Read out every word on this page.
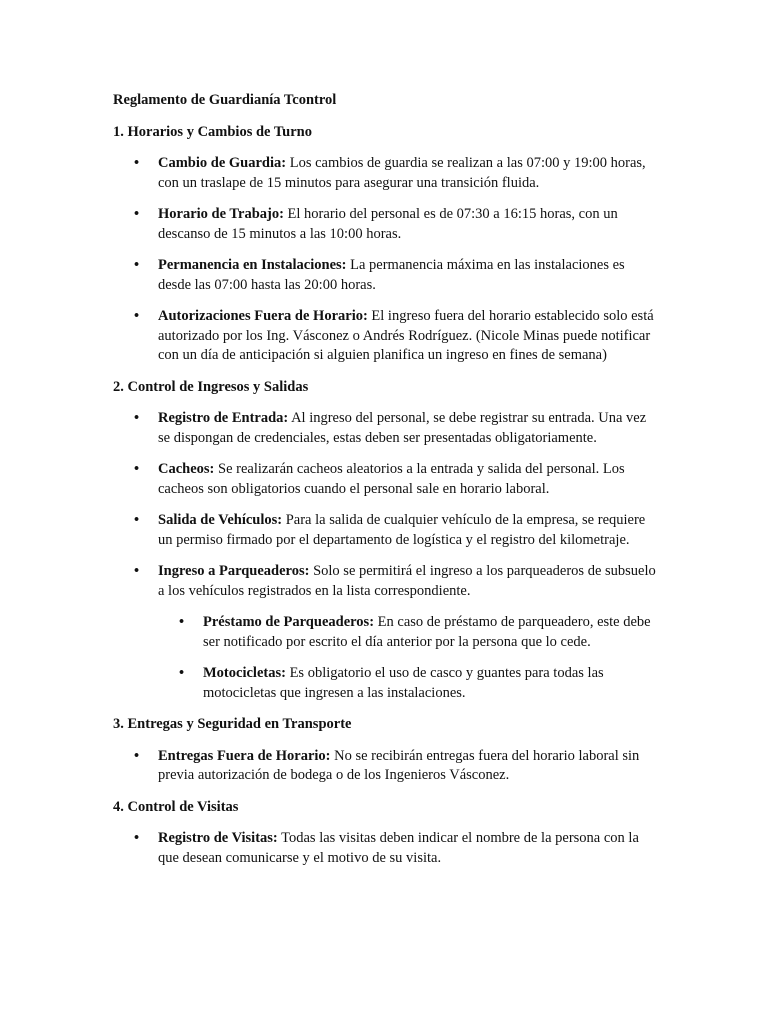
Reglamento de Guardianía Tcontrol

1. Horarios y Cambios de Turno

• Cambio de Guardia: Los cambios de guardia se realizan a las 07:00 y 19:00 horas, con un traslape de 15 minutos para asegurar una transición fluida.
• Horario de Trabajo: El horario del personal es de 07:30 a 16:15 horas, con un descanso de 15 minutos a las 10:00 horas.
• Permanencia en Instalaciones: La permanencia máxima en las instalaciones es desde las 07:00 hasta las 20:00 horas.
• Autorizaciones Fuera de Horario: El ingreso fuera del horario establecido solo está autorizado por los Ing. Vásconez o Andrés Rodríguez. (Nicole Minas puede notificar con un día de anticipación si alguien planifica un ingreso en fines de semana)

2. Control de Ingresos y Salidas

• Registro de Entrada: Al ingreso del personal, se debe registrar su entrada. Una vez se dispongan de credenciales, estas deben ser presentadas obligatoriamente.
• Cacheos: Se realizarán cacheos aleatorios a la entrada y salida del personal. Los cacheos son obligatorios cuando el personal sale en horario laboral.
• Salida de Vehículos: Para la salida de cualquier vehículo de la empresa, se requiere un permiso firmado por el departamento de logística y el registro del kilometraje.
• Ingreso a Parqueaderos: Solo se permitirá el ingreso a los parqueaderos de subsuelo a los vehículos registrados en la lista correspondiente.
• Préstamo de Parqueaderos: En caso de préstamo de parqueadero, este debe ser notificado por escrito el día anterior por la persona que lo cede.
• Motocicletas: Es obligatorio el uso de casco y guantes para todas las motocicletas que ingresen a las instalaciones.

3. Entregas y Seguridad en Transporte

• Entregas Fuera de Horario: No se recibirán entregas fuera del horario laboral sin previa autorización de bodega o de los Ingenieros Vásconez.

4. Control de Visitas

• Registro de Visitas: Todas las visitas deben indicar el nombre de la persona con la que desean comunicarse y el motivo de su visita.
